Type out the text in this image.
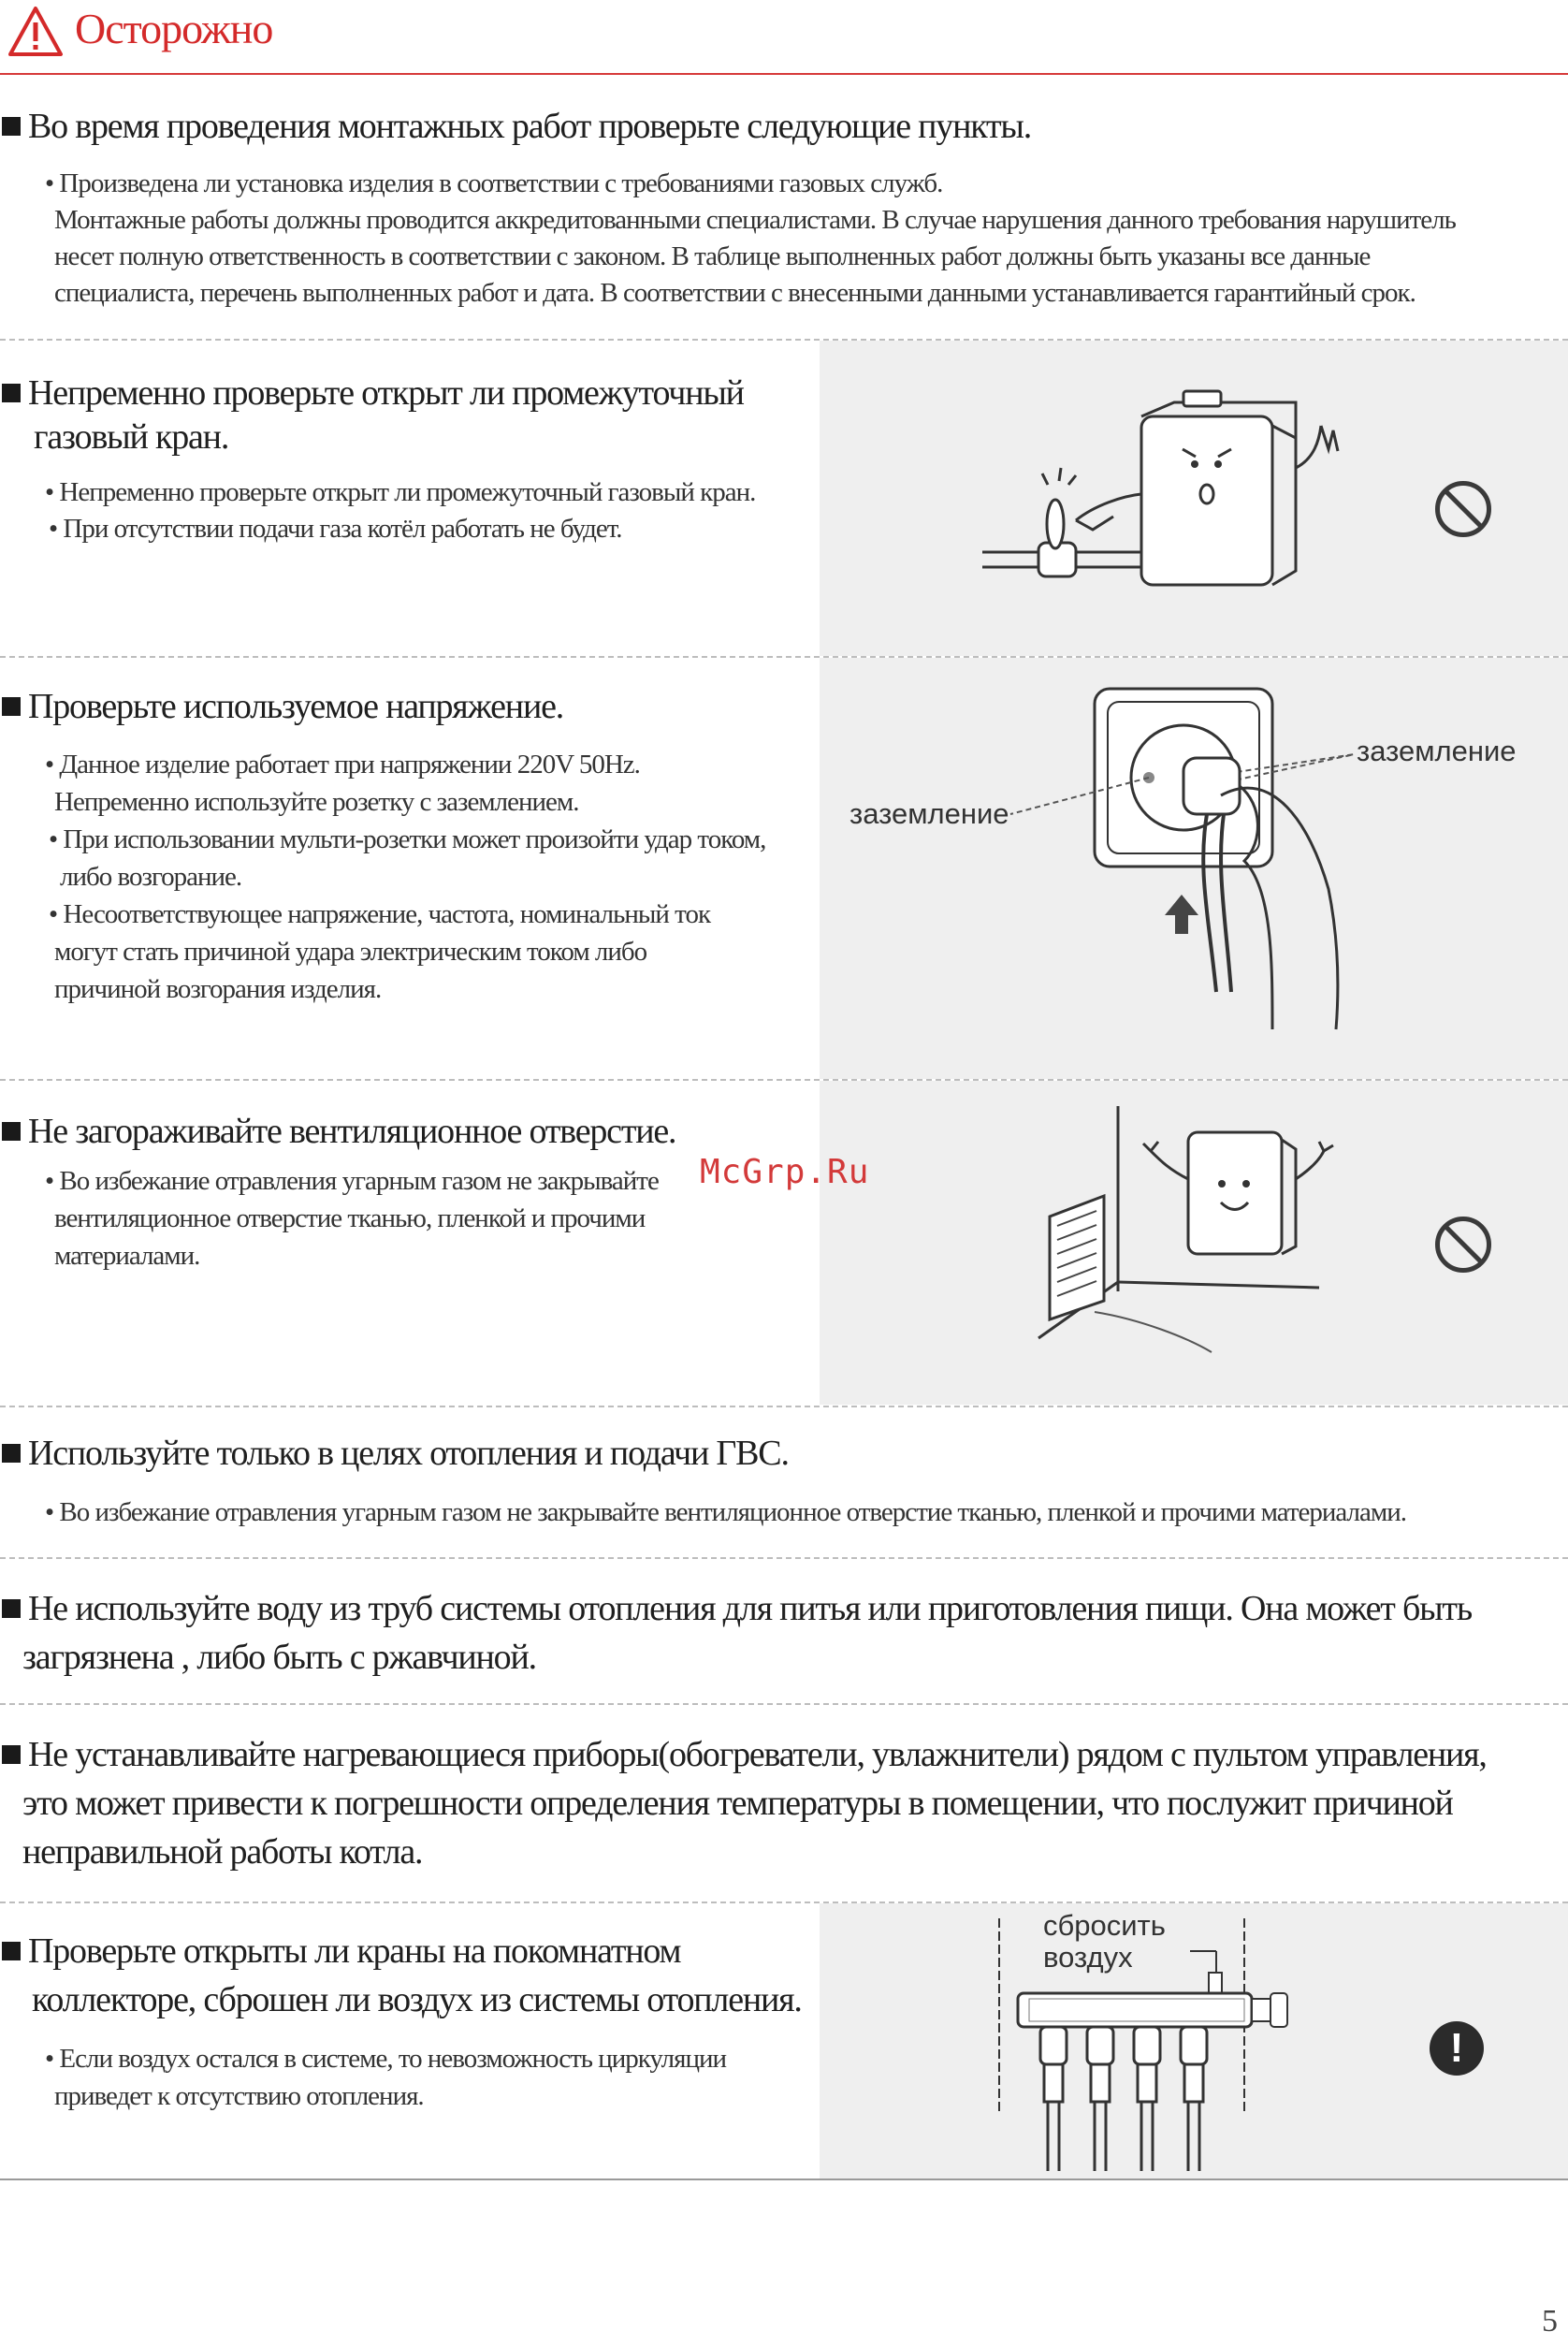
Осторожно
Во время проведения монтажных работ проверьте следующие пункты.
• Произведена ли установка изделия в соответствии с требованиями газовых служб.
Монтажные работы должны проводится аккредитованными специалистами. В случае нарушения данного требования нарушитель
несет полную ответственность в соответствии с законом. В таблице выполненных работ должны быть указаны все данные
специалиста, перечень выполненных работ и дата. В соответствии с внесенными данными устанавливается гарантийный срок.
Непременно проверьте открыт ли промежуточный
газовый кран.
• Непременно проверьте открыт ли промежуточный газовый кран.
• При отсутствии подачи газа котёл работать не будет.
Проверьте используемое напряжение.
• Данное изделие работает при напряжении 220V 50Hz.
Непременно используйте розетку с заземлением.
• При использовании мульти-розетки может произойти удар током,
либо возгорание.
• Несоответствующее напряжение, частота, номинальный ток
могут стать причиной удара электрическим током либо
причиной возгорания изделия.
заземление
заземление
Не загораживайте вентиляционное отверстие.
• Во избежание отравления угарным газом не закрывайте
вентиляционное отверстие тканью, пленкой и прочими
материалами.
McGrp.Ru
Используйте только в целях отопления и подачи ГВС.
• Во избежание отравления угарным газом не закрывайте вентиляционное отверстие тканью, пленкой и прочими материалами.
Не используйте воду из труб системы отопления для питья или приготовления пищи. Она может быть
загрязнена , либо быть с ржавчиной.
Не устанавливайте нагревающиеся приборы(обогреватели, увлажнители) рядом с пультом управления,
это может привести к погрешности определения температуры в помещении, что послужит причиной
неправильной работы котла.
Проверьте открыты ли краны на покомнатном
коллекторе, сброшен ли воздух из системы отопления.
• Если воздух остался в системе, то невозможность циркуляции
приведет к отсутствию отопления.
сбросить
воздух
!
5
